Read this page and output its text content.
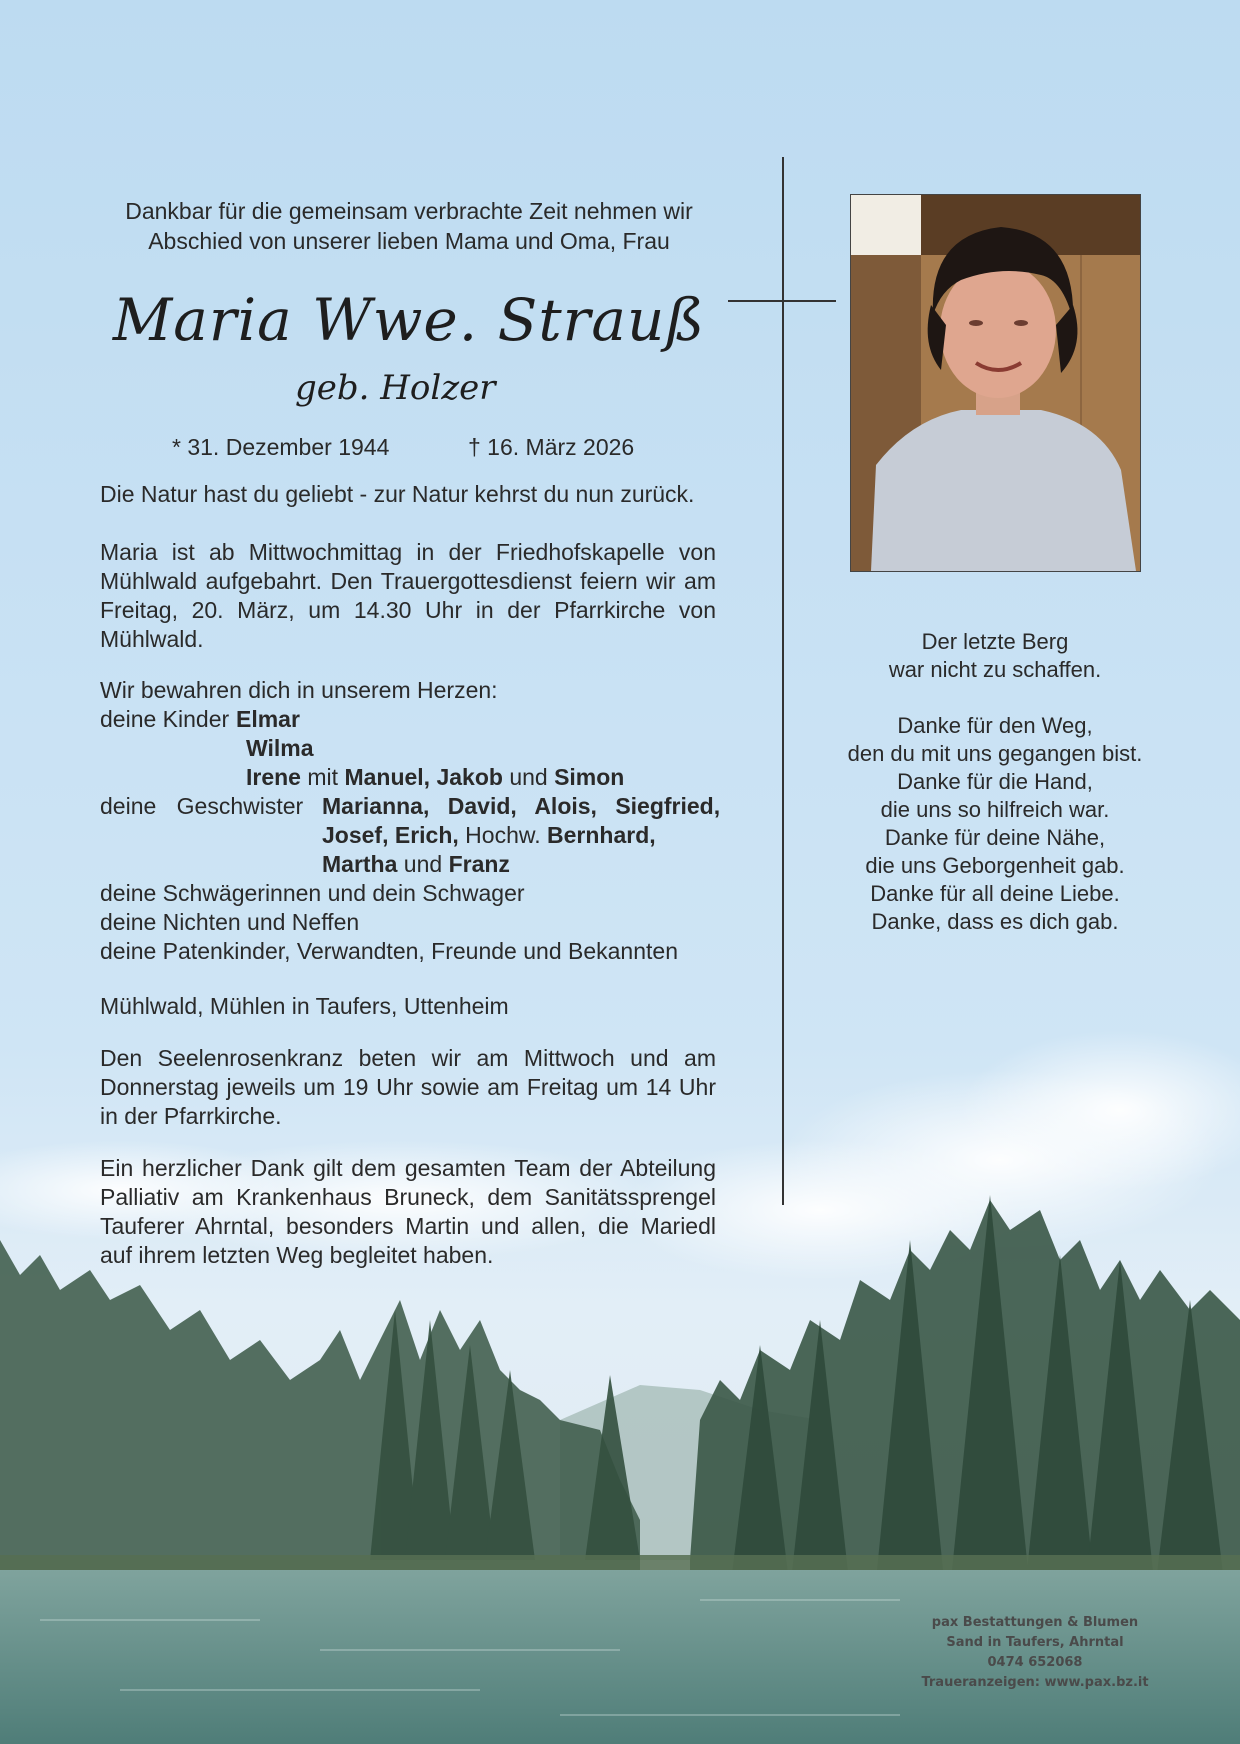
Dankbar für die gemeinsam verbrachte Zeit nehmen wir
Abschied von unserer lieben Mama und Oma, Frau
Maria Wwe. Strauß
geb. Holzer
* 31. Dezember 1944	† 16. März 2026

Die Natur hast du geliebt - zur Natur kehrst du nun zurück.

Maria ist ab Mittwochmittag in der Friedhofskapelle von Mühlwald aufgebahrt. Den Trauergottesdienst feiern wir am Freitag, 20. März, um 14.30 Uhr in der Pfarrkirche von Mühlwald.

Wir bewahren dich in unserem Herzen:
deine Kinder Elmar
Wilma
Irene mit Manuel, Jakob und Simon
deine Geschwister Marianna, David, Alois, Siegfried,
Josef, Erich, Hochw. Bernhard,
Martha und Franz
deine Schwägerinnen und dein Schwager
deine Nichten und Neffen
deine Patenkinder, Verwandten, Freunde und Bekannten

Mühlwald, Mühlen in Taufers, Uttenheim

Den Seelenrosenkranz beten wir am Mittwoch und am Donnerstag jeweils um 19 Uhr sowie am Freitag um 14 Uhr in der Pfarrkirche.

Ein herzlicher Dank gilt dem gesamten Team der Abteilung Palliativ am Krankenhaus Bruneck, dem Sanitätssprengel Tauferer Ahrntal, besonders Martin und allen, die Mariedl auf ihrem letzten Weg begleitet haben.

Der letzte Berg
war nicht zu schaffen.
Danke für den Weg,
den du mit uns gegangen bist.
Danke für die Hand,
die uns so hilfreich war.
Danke für deine Nähe,
die uns Geborgenheit gab.
Danke für all deine Liebe.
Danke, dass es dich gab.
pax Bestattungen & Blumen
Sand in Taufers, Ahrntal
0474 652068
Traueranzeigen: www.pax.bz.it
